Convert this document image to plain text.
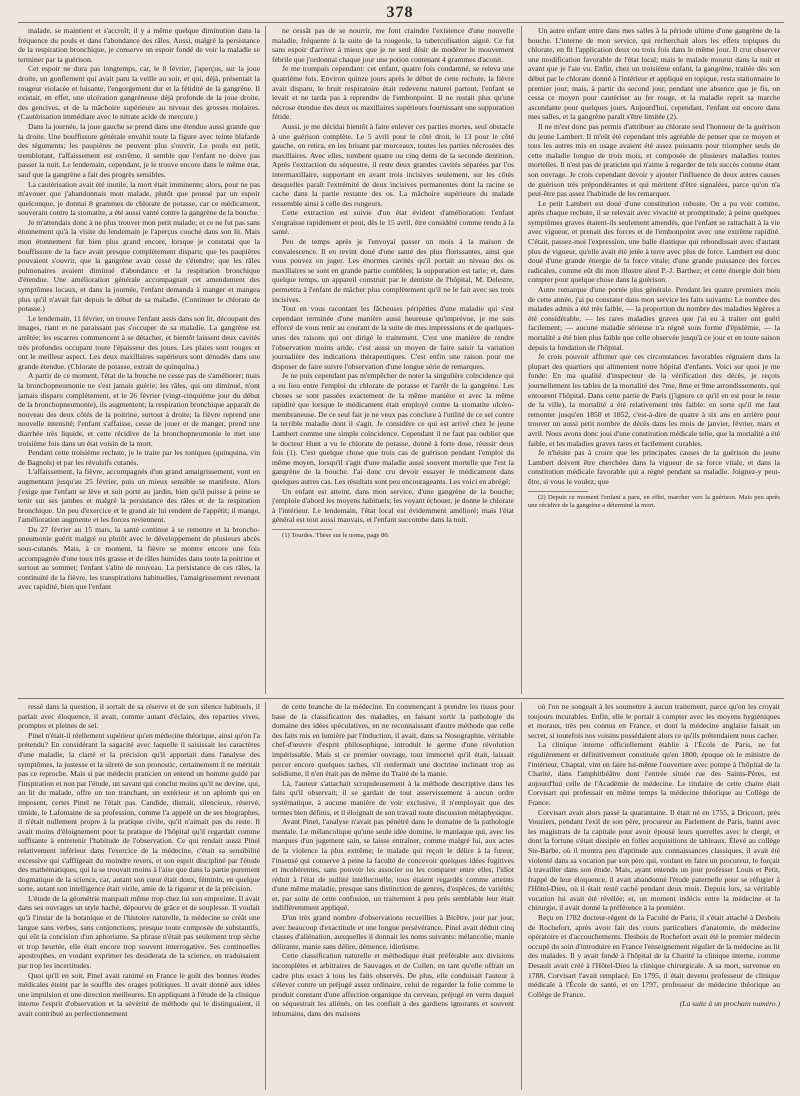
378

malade, se maintient et s'accroît; il y a même quelque diminution dans la fréquence du pouls et dans l'abondance des râles. Aussi, malgré la persistance de la respiration bronchique, je conserve un espoir fondé de voir la maladie se terminer par la guérison.

Cet espoir ne dura pas longtemps, car, le 8 février, j'aperçus, sur la joue droite, un gonflement qui avait paru la veille au soir, et qui, déjà, présentait la rougeur violacée et luisante, l'engorgement dur et la fétidité de la gangrène. Il existait, en effet, une ulcération gangréneuse déjà profonde de la joue droite, des gencives, et de la mâchoire supérieure au niveau des grosses molaires. (Cautérisation immédiate avec le nitrate acide de mercure.)

Dans la journée, la joue gauche se prend dans une étendue aussi grande que la droite. Une bouffissure générale envahit toute la figure avec teinte blafarde des téguments; les paupières ne peuvent plus s'ouvrir. Le pouls est petit, tremblotant, l'affaissement est extrême, il semble que l'enfant ne doive pas passer la nuit. Le lendemain, cependant, je le trouve encore dans le même état, sauf que la gangrène a fait des progrès sensibles.

La cautérisation avait été inutile, la mort était imminente; alors, pour ne pas m'avouer que j'abandonnais mon malade, plutôt que poussé par un espoir quelconque, je donnai 8 grammes de chlorate de potasse, car ce médicament, souverain contre la stomatite, a été aussi vanté contre la gangrène de la bouche.

Je m'attendais donc à ne plus trouver mon petit malade; et ce ne fut pas sans étonnement qu'à la visite du lendemain je l'aperçus couché dans son lit. Mais mon étonnement fut bien plus grand encore, lorsque je constatai que la bouffissure de la face avait presque complètement disparu; que les paupières pouvaient s'ouvrir, que la gangrène avait cessé de s'étendre; que les râles pulmonaires avaient diminué d'abondance et la respiration bronchique d'étendue. Une amélioration générale accompagnait cet amendement des symptômes locaux, et dans la journée, l'enfant demanda à manger et mangea plus qu'il n'avait fait depuis le début de sa maladie. (Continuer le chlorate de potasse.)

Le lendemain, 11 février, on trouve l'enfant assis dans son lit, découpant des images, riant et ne paraissant pas s'occuper de sa maladie. La gangrène est arrêtée; les escarres commencent à se détacher, et bientôt laissent deux cavités très profondes occupant toute l'épaisseur des joues. Les plaies sont rouges et ont le meilleur aspect. Les deux maxillaires supérieurs sont dénudés dans une grande étendue. (Chlorate de potasse, extrait de quinquina.)

A partir de ce moment, l'état de la bouche ne cesse pas de s'améliorer; mais la bronchopneumonie ne s'est jamais guérie; les râles, qui ont diminué, n'ont jamais disparu complètement, et le 26 février (vingt-cinquième jour du début de la bronchopneumonie), ils augmentent; la respiration bronchique apparaît de nouveau des deux côtés de la poitrine, surtout à droite; la fièvre reprend une nouvelle intensité; l'enfant s'affaisse, cesse de jouer et de manger, prend une diarrhée très liquide, et cette récidive de la bronchopneumonie le met une troisième fois dans un état voisin de la mort.

Pendant cette troisième rechute, je le traite par les toniques (quinquina, vin de Bagnols) et par les révulsifs cutanés.

L'affaissement, la fièvre, accompagnés d'un grand amaigrissement, vont en augmentant jusqu'au 25 février, puis un mieux sensible se manifeste. Alors j'exige que l'enfant se lève et soit porté au jardin, bien qu'il puisse à peine se tenir sur ses jambes et malgré la persistance des râles et de la respiration bronchique. Un peu d'exercice et le grand air lui rendent de l'appétit; il mange, l'amélioration augmente et les forces reviennent.

Du 27 février au 15 mars, la santé continue à se remettre et la broncho-pneumonie guérit malgré ou plutôt avec le développement de plusieurs abcès sous-cutanés. Mais, à ce moment, la fièvre se montre encore une fois accompagnée d'une toux très grasse et de râles humides dans toute la poitrine et surtout au sommet; l'enfant s'alite de nouveau. La persistance de ces râles, la continuité de la fièvre, les transpirations habituelles, l'amaigrissement revenant avec rapidité, bien que l'enfant

ne cessât pas de se nourrir, me font craindre l'existence d'une nouvelle maladie, fréquente à la suite de la rougeole, la tuberculisation aiguë. Ce fut sans espoir d'arriver à mieux que je ne seul désir de modérer le mouvement fébrile que j'ordonnai chaque jour une potion contenant 4 grammes d'aconit.

Je me trompais cependant: cet enfant, quatre fois condamné, se releva une quatrième fois. Environ quinze jours après le début de cette rechute, la fièvre avait disparu, le bruit respiratoire était redevenu naturel partout, l'enfant se levait et ne tarda pas à reprendre de l'embonpoint. Il ne restait plus qu'une nécrose étendue des deux os maxillaires supérieurs fournissant une suppuration fétide.

Aussi, je me décidai bientôt à faire enlever ces parties mortes, seul obstacle à une guérison complète. Le 5 avril pour le côté droit, le 13 pour le côté gauche, on retira, en les brisant par morceaux, toutes les parties nécrosées des maxillaires. Avec elles, tombent quatre ou cinq dents de la seconde dentition. Après l'extraction du séquestre, il reste deux grandes cavités séparées par l'os intermaxillaire, supportant en avant trois incisives seulement, sur les côtés desquelles paraît l'extrémité de deux incisives permanentes dont la racine se cache dans la partie restante des os. La mâchoire supérieure du malade ressemble ainsi à celle des rongeurs.

Cette extraction est suivie d'un état évident d'amélioration: l'enfant s'engraisse rapidement et peut, dès le 15 avril, être considéré comme rendu à la santé.

Peu de temps après je l'envoyai passer un mois à la maison de convalescence. Il en revint doué d'une santé des plus florissantes, ainsi que vous pouvez en juger. Les énormes cavités qu'il portait au niveau des os maxillaires se sont en grande partie comblées; la suppuration est tarie; et, dans quelque temps, un appareil construit par le dentiste de l'hôpital, M. Delestre, permettra à l'enfant de mâcher plus complètement qu'il ne le fait avec ses trois incisives.

Tout en vous racontant les fâcheuses péripéties d'une maladie qui s'est cependant terminée d'une manière aussi heureuse qu'imprévue, je me suis efforcé de vous tenir au courant de la suite de mes impressions et de quelques-unes des raisons qui ont dirigé le traitement. C'est une manière de rendre l'observation moins aride, c'est aussi un moyen de faire saisir la variation journalière des indications thérapeutiques. C'est enfin une raison pour me disposer de faire suivre l'observation d'une longue série de remarques.

Je ne puis cependant pas m'empêcher de noter la singulière coïncidence qui a eu lieu entre l'emploi du chlorate de potasse et l'arrêt de la gangrène. Les choses se sont passées exactement de la même manière et avec la même rapidité que lorsque le médicament était employé contre la stomatite ulcéro-membraneuse. De ce seul fait je ne veux pas conclure à l'utilité de ce sel contre la terrible maladie dont il s'agit. Je considère ce qui est arrivé chez le jeune Lambert comme une simple coïncidence. Cependant il ne faut pas oublier que le docteur Hunt a vu le chlorate de potasse, donné à forte dose, réussir deux fois (1). C'est quelque chose que trois cas de guérison pendant l'emploi du même moyen, lorsqu'il s'agit d'une maladie aussi souvent mortelle que l'est la gangrène de la bouche. J'ai donc cru devoir essayer le médicament dans quelques autres cas. Les résultats sont peu encourageants. Les voici en abrégé:

Un enfant est atteint, dans mon service, d'une gangrène de la bouche; j'emploie d'abord les moyens habituels; les voyant échouer, je donne le chlorate à l'intérieur. Le lendemain, l'état local est évidemment amélioré; mais l'état général est tout aussi mauvais, et l'enfant succombe dans la nuit.

(1) Tourdes. Thèse sur le noma, page 80.

Un autre enfant entre dans mes salles à la période ultime d'une gangrène de la bouche. L'interne de mon service, qui recherchait alors les effets topiques du chlorate, en fit l'application deux ou trois fois dans le même jour. Il crut observer une modification favorable de l'état local; mais le malade mourut dans la nuit et avant que je l'aie vu. Enfin, chez un troisième enfant, la gangrène, traitée dès son début par le chlorate donné à l'intérieur et appliqué en topique, resta stationnaire le premier jour; mais, à partir du second jour, pendant une absence que je fis, on cessa ce moyen pour cautériser au fer rouge, et la maladie reprit sa marche ascendante pour quelques jours. Aujourd'hui, cependant, l'enfant est encore dans mes salles, et la gangrène paraît s'être limitée (2).

Il ne m'est donc pas permis d'attribuer au chlorate seul l'honneur de la guérison du jeune Lambert. Il m'eût été cependant très agréable de penser que ce moyen et tous les autres mis en usage avaient été assez puissants pour triompher seuls de cette maladie longue de trois mois, et composée de plusieurs maladies toutes mortelles. Il n'est pas de praticien qui n'aime à regarder de tels succès comme étant son ouvrage. Je crois cependant devoir y ajouter l'influence de deux autres causes de guérison très prépondérantes et qui méritent d'être signalées, parce qu'on n'a peut-être pas assez l'habitude de les remarquer.

Le petit Lambert est doué d'une constitution robuste. On a pu voir comme, après chaque rechute, il se relevait avec vivacité et promptitude; à peine quelques symptômes graves étaient-ils seulement amendés, que l'enfant se rattachait à la vie avec vigueur, et prenait des forces et de l'embonpoint avec une extrême rapidité. C'était, passez-moi l'expression, une balle élastique qui rebondissait avec d'autant plus de vigueur, qu'elle avait été jetée à terre avec plus de force. Lambert est donc doué d'une grande énergie de la force vitale; d'une grande puissance des forces radicales, comme eût dit mon illustre aïeul P.-J. Barthez; et cette énergie doit bien compter pour quelque chose dans la guérison.

Autre remarque d'une portée plus générale. Pendant les quatre premiers mois de cette année, j'ai pu constater dans mon service les faits suivants: Le nombre des malades admis a été très faible, — la proportion du nombre des maladies légères a été considérable, — les rares maladies graves que j'ai eu à traiter ont guéri facilement; — aucune maladie sérieuse n'a régné sous forme d'épidémie, — la mortalité a été bien plus faible que celle observée jusqu'à ce jour et en toute saison depuis la fondation de l'hôpital.

Je crois pouvoir affirmer que ces circonstances favorables régnaient dans la plupart des quartiers qui alimentent notre hôpital d'enfants. Voici sur quoi je me fonde: En ma qualité d'inspecteur de la vérification des décès, je reçois journellement les tables de la mortalité des 7me, 8me et 9me arrondissements, qui entourent l'hôpital. Dans cette partie de Paris (j'ignore ce qu'il en est pour le reste de la ville), la mortalité a été relativement très faible: en sorte qu'il me faut remonter jusqu'en 1850 et 1852, c'est-à-dire de quatre à six ans en arrière pour trouver un aussi petit nombre de décès dans les mois de janvier, février, mars et avril. Nous avons donc joui d'une constitution médicale telle, que la mortalité a été faible, et les maladies graves rares et facilement curables.

Je n'hésite pas à croire que les principales causes de la guérison du jeune Lambert doivent être cherchées dans la vigueur de sa force vitale, et dans la constitution médicale favorable qui a régné pendant sa maladie. Joignez-y peut-être, si vous le voulez, que

(2) Depuis ce moment l'enfant a paru, en effet, marcher vers la guérison. Mais peu après une récidive de la gangrène a déterminé la mort.

ressé dans la question, il sortait de sa réserve et de son silence habituels, il parlait avec éloquence, il avait, comme autant d'éclairs, des reparties vives, promptes et pleines de sel.

Pinel n'était-il réellement supérieur qu'en médecine théorique, ainsi qu'on l'a prétendu? En considérant la sagacité avec laquelle il saisissait les caractères d'une maladie, la clarté et la précision qu'il apportait dans l'analyse des symptômes, la justesse et la sûreté de son pronostic, certainement il ne méritait pas ce reproche. Mais si par médecin praticien on entend un homme guidé par l'inspiration et non par l'étude, un savant qui conclut moins qu'il ne devine, qui, au lit du malade, offre un ton tranchant, un extérieur et un aplomb qui en imposent, certes Pinel ne l'était pas. Candide, distrait, silencieux, réservé, timide, le Lafontaine de sa profession, comme l'a appelé un de ses biographes, il n'était nullement propre à la pratique civile, qu'il n'aimait pas du reste. Il avait moins d'éloignement pour la pratique de l'hôpital qu'il regardait comme suffisante à entretenir l'habitude de l'observation. Ce qui rendait aussi Pinel relativement inférieur dans l'exercice de la médecine, c'était sa sensibilité excessive qui s'affligeait du moindre revers, et son esprit discipliné par l'étude des mathématiques, qui la se trouvait moins à l'aise que dans la partie purement dogmatique de la science, car, autant son cœur était doux, féminin, en quelque sorte, autant son intelligence était virile, amie de la rigueur et de la précision.

L'étude de la géométrie marquait même trop chez lui son empreinte. Il avait dans ses ouvrages un style haché, dépourvu de grâce et de souplesse. Il voulait qu'à l'instar de la botanique et de l'histoire naturelle, la médecine se créât une langue sans verbes, sans conjonctions, presque toute composée de substantifs, qui eût la concision d'un aphorisme. Sa phrase n'était pas seulement trop sèche et trop heurtée, elle était encore trop souvent interrogative. Ses continuelles apostrophes, en voulant exprimer les desiderata de la science, en traduisaient par trop les incertitudes.

Quoi qu'il en soit, Pinel avait ranimé en France le goût des bonnes études médicales éteint par le souffle des orages politiques. Il avait donné aux idées une impulsion et une direction meilleures. En appliquant à l'étude de la clinique interne l'esprit d'observation et la sévérité de méthode qui le distinguaient, il avait contribué au perfectionnement

de cette branche de la médecine. En commençant à prendre les tissus pour base de la classification des maladies, en faisant sortir la pathologie du domaine des idées spéculatives, en ne reconnaissant d'autre méthode que celle des faits mis en lumière par l'induction, il avait, dans sa Nosographie, véritable chef-d'œuvre d'esprit philosophique, introduit le germe d'une révolution impérissable. Mais si ce premier ouvrage, tout immortel qu'il était, laissait percer encore quelques taches, s'il renfermait une doctrine inclinant trop au solidisme, il n'en était pas de même du Traité de la manie.

Là, l'auteur s'attachait scrupuleusement à la méthode descriptive dans les faits qu'il observait; il se gardait de tout asservissement à aucun ordre systématique, à aucune manière de voir exclusive, il n'employait que des termes bien définis, et il éloignait de son travail toute discussion métaphysique.

Avant Pinel, l'analyse n'avait pas pénétré dans le domaine de la pathologie mentale. Le mélancolique qu'une seule idée domine, le maniaque qui, avec les marques d'un jugement sain, se laisse entraîner, comme malgré lui, aux actes de la violence la plus extrême; le malade qui reçoit le délire à la fureur, l'insensé qui conserve à peine la faculté de concevoir quelques idées fugitives et incohérentes, sans pouvoir les associer ou les comparer entre elles, l'idiot réduit à l'état de nullité intellectuelle, tous étaient regardés comme atteints d'une même maladie, presque sans distinction de genres, d'espèces, de variétés; et, par suite de cette confusion, un traitement à peu près semblable leur était indifféremment appliqué.

D'un très grand nombre d'observations recueillies à Bicêtre, jour par jour, avec beaucoup d'exactitude et une longue persévérance, Pinel avait déduit cinq classes d'aliénation, auxquelles il donnait les noms suivants: mélancolie, manie délirante, manie sans délire, démence, idiotisme.

Cette classification naturelle et méthodique était préférable aux divisions incomplètes et arbitraires de Sauvages et de Cullen, en tant qu'elle offrait un cadre plus exact à tous les faits observés. De plus, elle conduisait l'auteur à s'élever contre un préjugé assez ordinaire, celui de regarder la folie comme le produit constant d'une affection organique du cerveau, préjugé en vertu duquel on séquestrait les aliénés, on les confiait à des gardiens ignorants et souvent inhumains, dans des maisons

où l'on ne songeait à les soumettre à aucun traitement, parce qu'on les croyait toujours incurables. Enfin, elle le portait à compter avec les moyens hygiéniques et moraux, très peu connus en France, et dont la médecine anglaise faisait un secret, si toutefois nos voisins possédaient alors ce qu'ils prétendaient nous cacher.

La clinique interne officiellement établie à l'École de Paris, ne fut régulièrement et définitivement constituée qu'en 1800, époque où le ministre de l'intérieur, Chaptal, vint en faire lui-même l'ouverture avec pompe à l'hôpital de la Charité, dans l'amphithéâtre dont l'entrée située rue des Saints-Pères, est aujourd'hui celle de l'Académie de médecine. Le titulaire de cette chaire était Corvisart qui professait en même temps la médecine théorique au Collège de France.

Corvisart avait alors passé la quarantaine. Il était né en 1755, à Dricourt, près Vouziers, pendant l'exil de son père, procureur au Parlement de Paris, banni avec les magistrats de la capitale pour avoir épousé leurs querelles avec le clergé, et dont la fortune s'était dissipée en folles acquisitions de tableaux. Élevé au collège Ste-Barbe, où il montra peu d'aptitude aux connaissances classiques, il avait été violenté dans sa vocation par son père qui, voulant en faire un procureur, le forçait à travailler dans son étude. Mais, ayant entendu un jour professer Louis et Petit, frappé de leur éloquence, il avait abandonné l'étude paternelle pour se réfugier à l'Hôtel-Dieu, où il était resté caché pendant deux mois. Depuis lors, sa véritable vocation lui avait été révélée; et, un moment indécis entre la médecine et la chirurgie, il avait donné la préférence à la première.

Reçu en 1782 docteur-régent de la Faculté de Paris, il s'était attaché à Desbois de Rochefort, après avoir fait des cours particuliers d'anatomie, de médecine opératoire et d'accouchements. Desbois de Rochefort avait été le premier médecin occupé du soin d'introduire en France l'enseignement régulier de la médecine au lit des malades. Il y avait fondé à l'hôpital de la Charité la clinique interne, comme Desault avait créé à l'Hôtel-Dieu la clinique chirurgicale. A sa mort, survenue en 1788, Corvisart l'avait remplacé. En 1795, il était devenu professeur de clinique médicale à l'École de santé, et en 1797, professeur de médecine théorique au Collège de France.

(La suite à un prochain numéro.)
